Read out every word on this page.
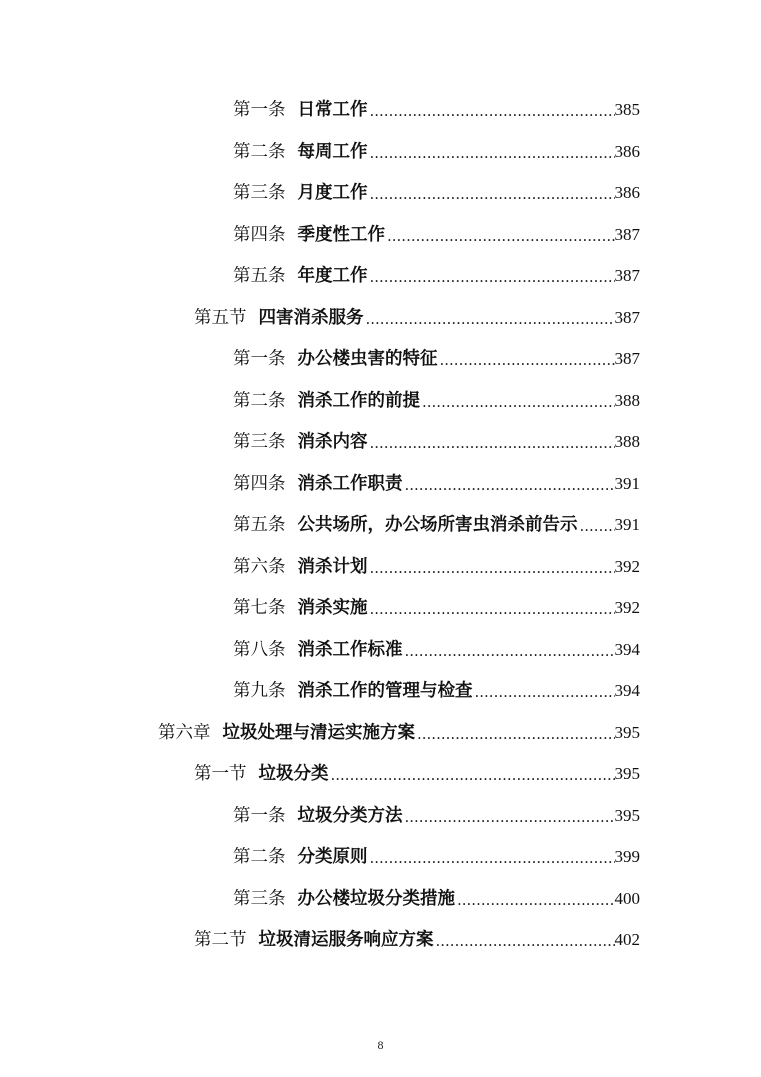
第一条 日常工作 .....	385
第二条 每周工作 .....	386
第三条 月度工作 .....	386
第四条 季度性工作 .....	387
第五条 年度工作 .....	387
第五节 四害消杀服务 .....	387
第一条 办公楼虫害的特征 .....	387
第二条 消杀工作的前提 .....	388
第三条 消杀内容 .....	388
第四条 消杀工作职责 .....	391
第五条 公共场所，办公场所害虫消杀前告示 ..... 391
第六条 消杀计划 .....	392
第七条 消杀实施 .....	392
第八条 消杀工作标准 .....	394
第九条 消杀工作的管理与检查 .....	394
第六章 垃圾处理与清运实施方案 .....	395
第一节 垃圾分类 .....	395
第一条 垃圾分类方法 .....	395
第二条 分类原则 .....	399
第三条 办公楼垃圾分类措施 .....	400
第二节 垃圾清运服务响应方案 .....	402
8
